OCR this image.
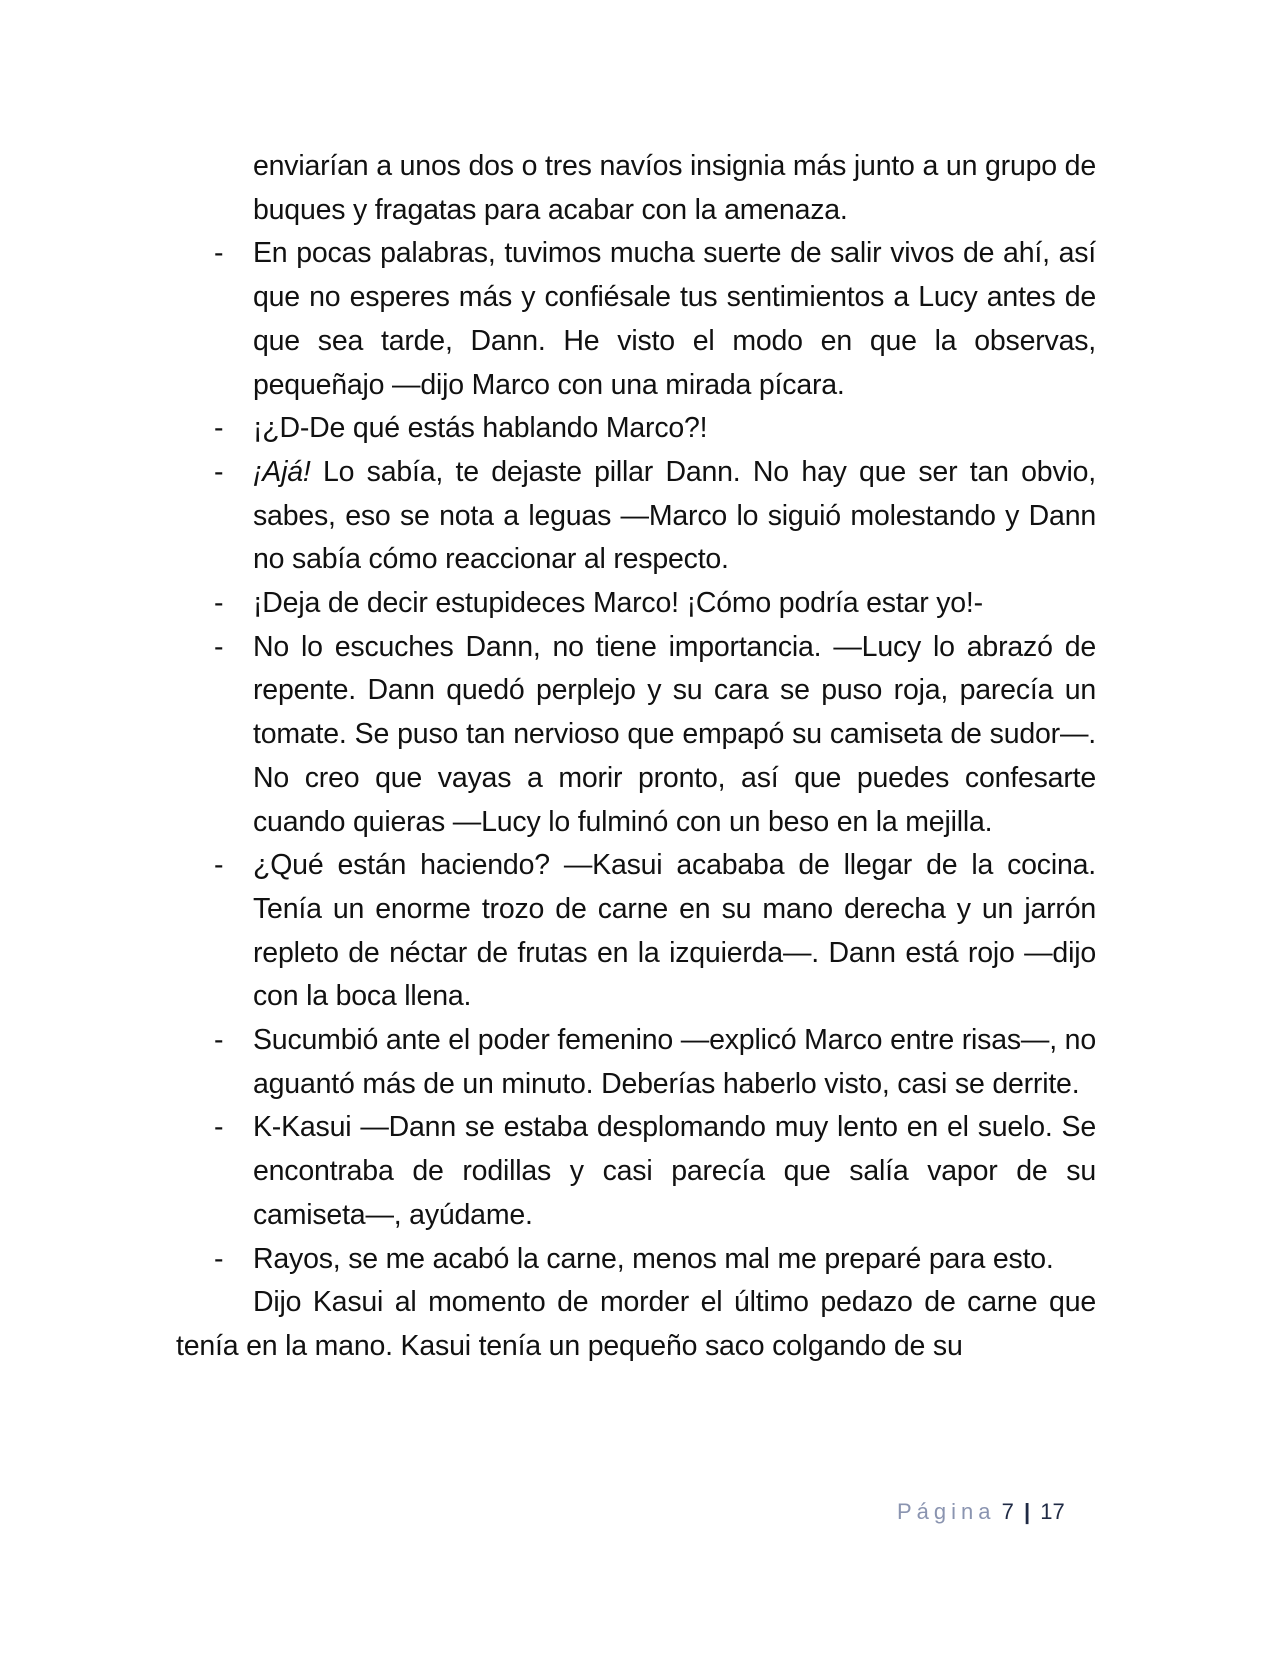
enviarían a unos dos o tres navíos insignia más junto a un grupo de buques y fragatas para acabar con la amenaza.

- En pocas palabras, tuvimos mucha suerte de salir vivos de ahí, así que no esperes más y confiésale tus sentimientos a Lucy antes de que sea tarde, Dann. He visto el modo en que la observas, pequeñajo —dijo Marco con una mirada pícara.

- ¡¿D-De qué estás hablando Marco?!

- ¡Ajá! Lo sabía, te dejaste pillar Dann. No hay que ser tan obvio, sabes, eso se nota a leguas —Marco lo siguió molestando y Dann no sabía cómo reaccionar al respecto.

- ¡Deja de decir estupideces Marco! ¡Cómo podría estar yo!-

- No lo escuches Dann, no tiene importancia. —Lucy lo abrazó de repente. Dann quedó perplejo y su cara se puso roja, parecía un tomate. Se puso tan nervioso que empapó su camiseta de sudor—. No creo que vayas a morir pronto, así que puedes confesarte cuando quieras —Lucy lo fulminó con un beso en la mejilla.

- ¿Qué están haciendo? —Kasui acababa de llegar de la cocina. Tenía un enorme trozo de carne en su mano derecha y un jarrón repleto de néctar de frutas en la izquierda—. Dann está rojo —dijo con la boca llena.

- Sucumbió ante el poder femenino —explicó Marco entre risas—, no aguantó más de un minuto. Deberías haberlo visto, casi se derrite.

- K-Kasui —Dann se estaba desplomando muy lento en el suelo. Se encontraba de rodillas y casi parecía que salía vapor de su camiseta—, ayúdame.

- Rayos, se me acabó la carne, menos mal me preparé para esto.

Dijo Kasui al momento de morder el último pedazo de carne que tenía en la mano. Kasui tenía un pequeño saco colgando de su

Página 7 | 17
